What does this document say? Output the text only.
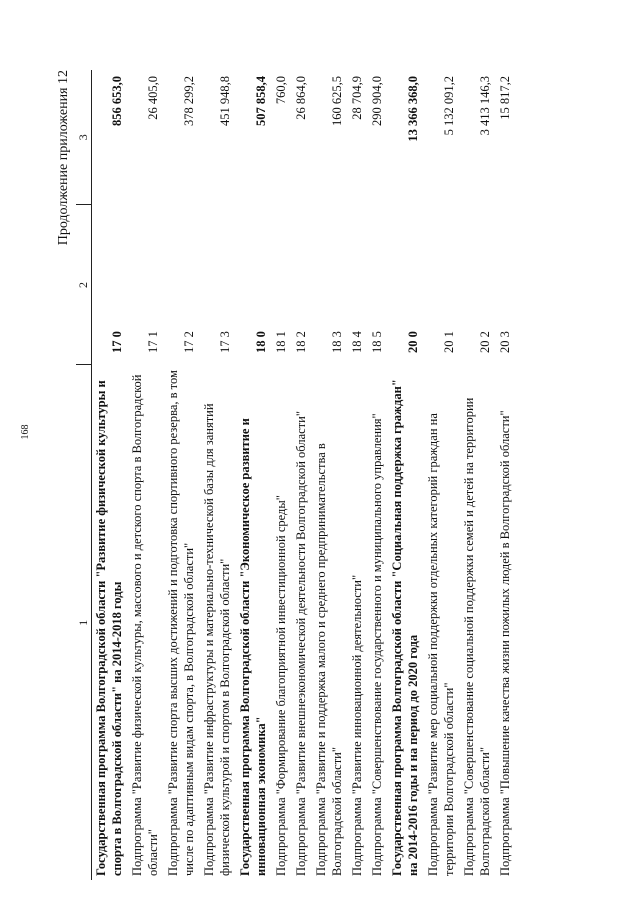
168
Продолжение приложения 12
1	2	3
Государственная программа Волгоградской области "Развитие физической культуры и спорта в Волгоградской области" на 2014-2018 годы	17 0	856 653,0
Подпрограмма "Развитие физической культуры, массового и детского спорта в Волгоградской области"	17 1	26 405,0
Подпрограмма "Развитие спорта высших достижений и подготовка спортивного резерва, в том числе по адаптивным видам спорта, в Волгоградской области"	17 2	378 299,2
Подпрограмма "Развитие инфраструктуры и материально-технической базы для занятий физической культурой и спортом в Волгоградской области"	17 3	451 948,8
Государственная программа Волгоградской области "Экономическое развитие и инновационная экономика"	18 0	507 858,4
Подпрограмма "Формирование благоприятной инвестиционной среды"	18 1	760,0
Подпрограмма "Развитие внешнеэкономической деятельности Волгоградской области"	18 2	26 864,0
Подпрограмма "Развитие и поддержка малого и среднего предпринимательства в Волгоградской области"	18 3	160 625,5
Подпрограмма "Развитие инновационной деятельности"	18 4	28 704,9
Подпрограмма "Совершенствование государственного и муниципального управления"	18 5	290 904,0
Государственная программа Волгоградской области "Социальная поддержка граждан" на 2014-2016 годы и на период до 2020 года	20 0	13 366 368,0
Подпрограмма "Развитие мер социальной поддержки отдельных категорий граждан на территории Волгоградской области"	20 1	5 132 091,2
Подпрограмма "Совершенствование социальной поддержки семей и детей на территории Волгоградской области"	20 2	3 413 146,3
Подпрограмма "Повышение качества жизни пожилых людей в Волгоградской области"	20 3	15 817,2
